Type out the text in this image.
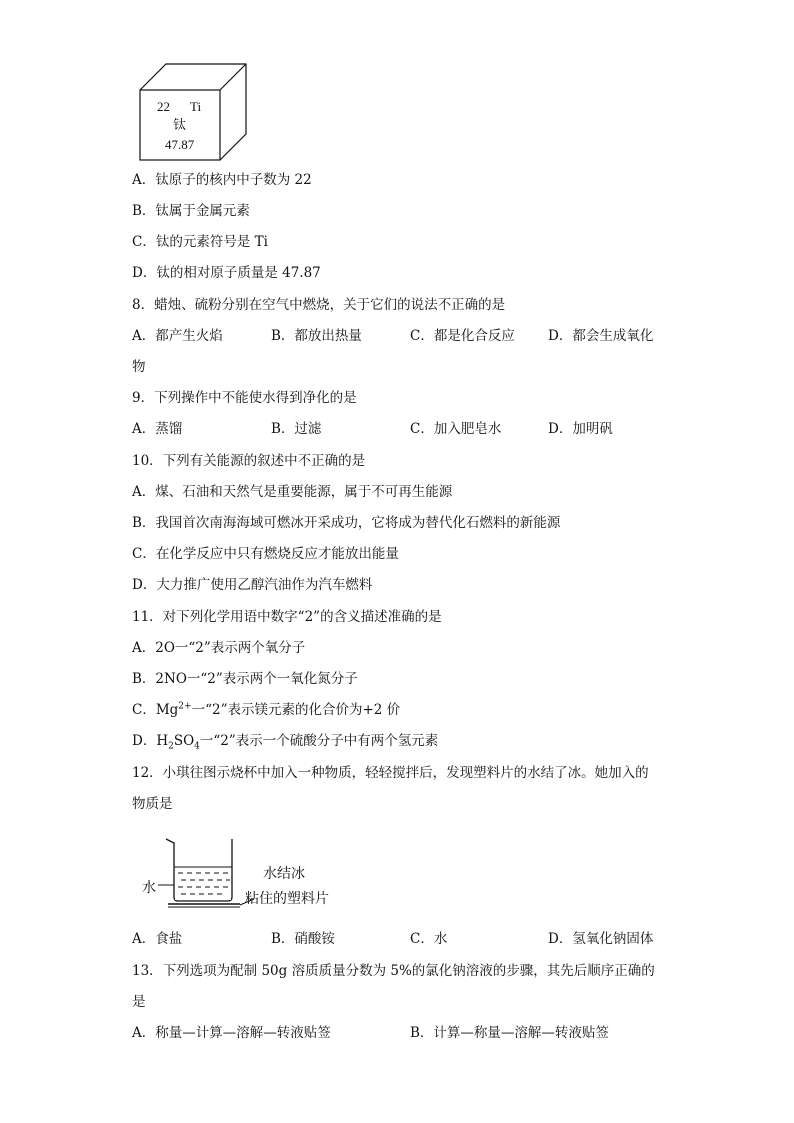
22 Ti
钛
47.87
A．钛原子的核内中子数为 22
B．钛属于金属元素
C．钛的元素符号是 Ti
D．钛的相对原子质量是 47.87
8．蜡烛、硫粉分别在空气中燃烧，关于它们的说法不正确的是
A．都产生火焰	B．都放出热量	C．都是化合反应 D．都会生成氧化
物
9．下列操作中不能使水得到净化的是
A．蒸馏	B．过滤	C．加入肥皂水	D．加明矾
10．下列有关能源的叙述中不正确的是
A．煤、石油和天然气是重要能源，属于不可再生能源
B．我国首次南海海域可燃冰开采成功，它将成为替代化石燃料的新能源
C．在化学反应中只有燃烧反应才能放出能量
D．大力推广使用乙醇汽油作为汽车燃料
11．对下列化学用语中数字“2”的含义描述准确的是
A．2O一“2”表示两个氧分子
B．2NO一“2”表示两个一氧化氮分子
C．$Mg^{2+}$一“2”表示镁元素的化合价为+2 价
D．$H_2SO_4$一“2”表示一个硫酸分子中有两个氢元素
12．小琪往图示烧杯中加入一种物质，轻轻搅拌后，发现塑料片的水结了冰。她加入的
物质是
水
水结冰
粘住的塑料片
A．食盐	B．硝酸铵	C．水	D．氢氧化钠固体
13．下列选项为配制 50g 溶质质量分数为 5%的氯化钠溶液的步骤，其先后顺序正确的
是
A．称量—计算—溶解—转液贴签	B．计算—称量—溶解—转液贴签
